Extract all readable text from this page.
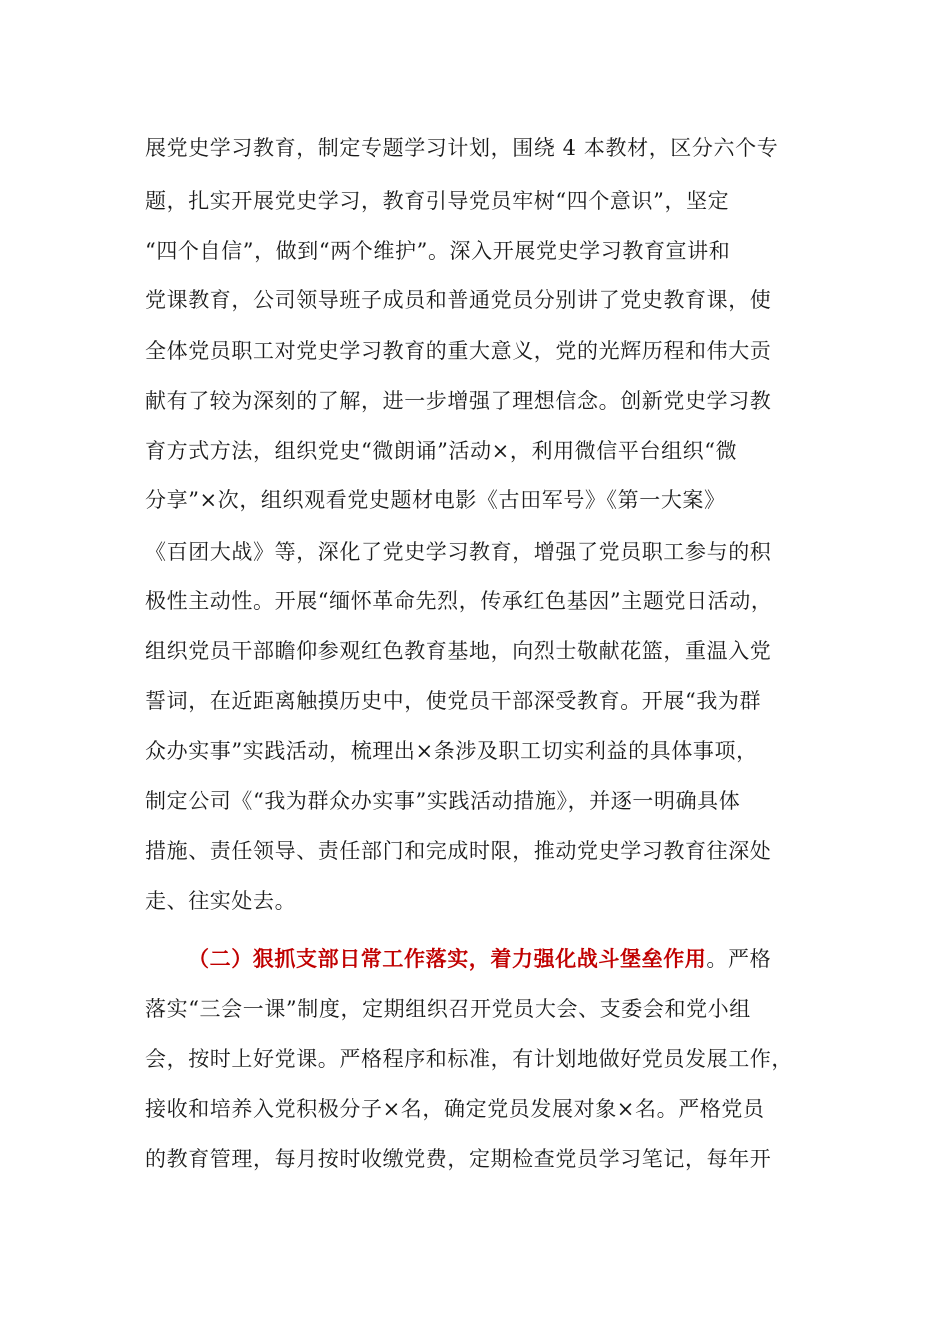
展党史学习教育，制定专题学习计划，围绕 4 本教材，区分六个专
题，扎实开展党史学习，教育引导党员牢树“四个意识”，坚定
“四个自信”，做到“两个维护”。深入开展党史学习教育宣讲和
党课教育，公司领导班子成员和普通党员分别讲了党史教育课，使
全体党员职工对党史学习教育的重大意义，党的光辉历程和伟大贡
献有了较为深刻的了解，进一步增强了理想信念。创新党史学习教
育方式方法，组织党史“微朗诵”活动×，利用微信平台组织“微
分享”×次，组织观看党史题材电影《古田军号》《第一大案》
《百团大战》等，深化了党史学习教育，增强了党员职工参与的积
极性主动性。开展“缅怀革命先烈，传承红色基因”主题党日活动，
组织党员干部瞻仰参观红色教育基地，向烈士敬献花篮，重温入党
誓词，在近距离触摸历史中，使党员干部深受教育。开展“我为群
众办实事”实践活动，梳理出×条涉及职工切实利益的具体事项，
制定公司《“我为群众办实事”实践活动措施》，并逐一明确具体
措施、责任领导、责任部门和完成时限，推动党史学习教育往深处
走、往实处去。
（二）狠抓支部日常工作落实，着力强化战斗堡垒作用。严格
落实“三会一课”制度，定期组织召开党员大会、支委会和党小组
会，按时上好党课。严格程序和标准，有计划地做好党员发展工作，
接收和培养入党积极分子×名，确定党员发展对象×名。严格党员
的教育管理，每月按时收缴党费，定期检查党员学习笔记，每年开
